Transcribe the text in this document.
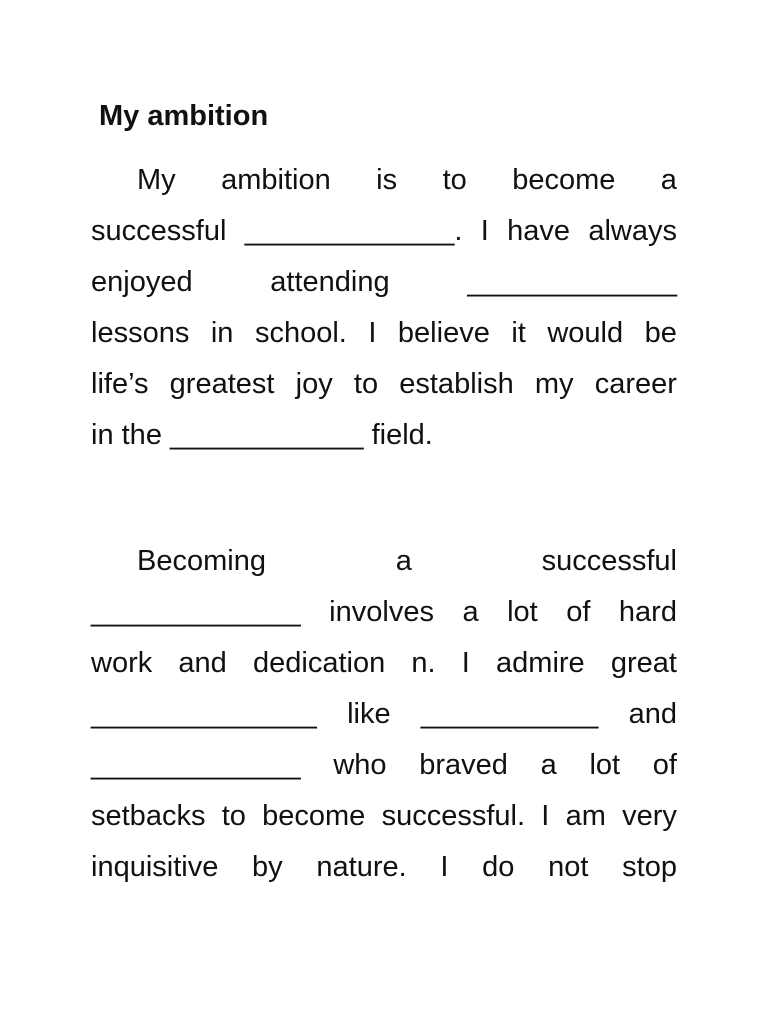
My ambition
My ambition is to become a
successful _____________. I have always
enjoyed	attending	_____________
lessons in school. I believe it would be
life’s greatest joy to establish my career
in the ____________ field.
Becoming	a	successful
_____________ involves a lot of hard
work and dedication n. I admire great
______________ like ___________ and
_____________ who braved a lot of
setbacks to become successful. I am very
inquisitive by nature. I do not stop
